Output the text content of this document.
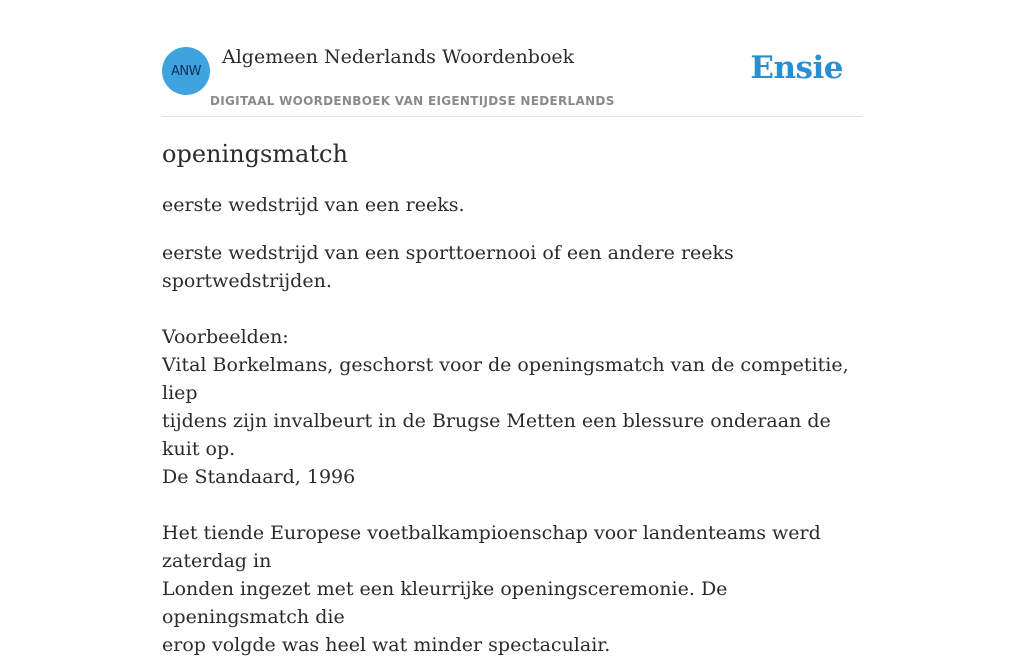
ANW
Algemeen Nederlands Woordenboek
DIGITAAL WOORDENBOEK VAN EIGENTIJDSE NEDERLANDS
Ensie
openingsmatch
eerste wedstrijd van een reeks.

eerste wedstrijd van een sporttoernooi of een andere reeks sportwedstrijden.

Voorbeelden:

Vital Borkelmans, geschorst voor de openingsmatch van de competitie, liep

tijdens zijn invalbeurt in de Brugse Metten een blessure onderaan de kuit op.

De Standaard, 1996

Het tiende Europese voetbalkampioenschap voor landenteams werd zaterdag in

Londen ingezet met een kleurrijke openingsceremonie. De openingsmatch die

erop volgde was heel wat minder spectaculair.
